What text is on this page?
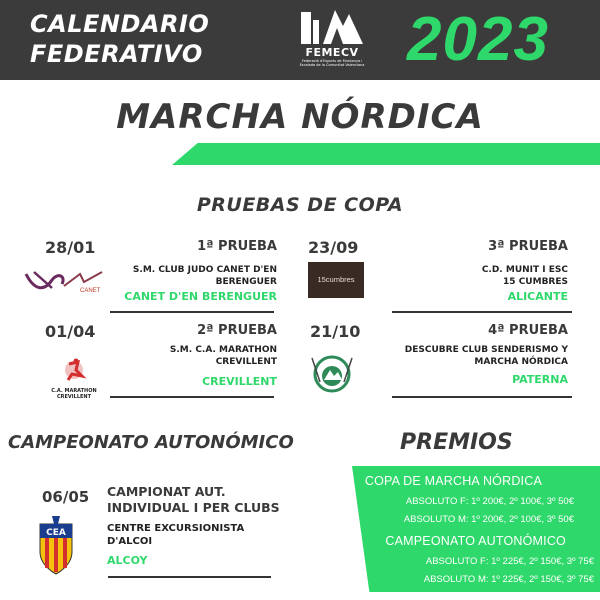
CALENDARIO
FEDERATIVO	FEMECV
Federació d'Esports de Muntanya i Escalada de la Comunitat Valenciana 2023
MARCHA NÓRDICA
PRUEBAS DE COPA
28/01	1ª PRUEBA
CANET
S.M. CLUB JUDO CANET D'EN
BERENGUER
CANET D'EN BERENGUER
23/09	3ª PRUEBA
15cumbres
C.D. MUNIT I ESC
15 CUMBRES
ALICANTE
01/04	2ª PRUEBA
C.A. MARATHON CREVILLENT
S.M. C.A. MARATHON
CREVILLENT
CREVILLENT
21/10	4ª PRUEBA
DESCUBRE CLUB SENDERISMO Y
MARCHA NÓRDICA
PATERNA
CAMPEONATO AUTONÓMICO
06/05 CAMPIONAT AUT.
INDIVIDUAL I PER CLUBS
CENTRE EXCURSIONISTA
D'ALCOI
ALCOY
CEA
PREMIOS
COPA DE MARCHA NÓRDICA
ABSOLUTO F: 1º 200€, 2º 100€, 3º 50€
ABSOLUTO M: 1º 200€, 2º 100€, 3º 50€
CAMPEONATO AUTONÓMICO
ABSOLUTO F: 1º 225€, 2º 150€, 3º 75€
ABSOLUTO M: 1º 225€, 2º 150€, 3º 75€
